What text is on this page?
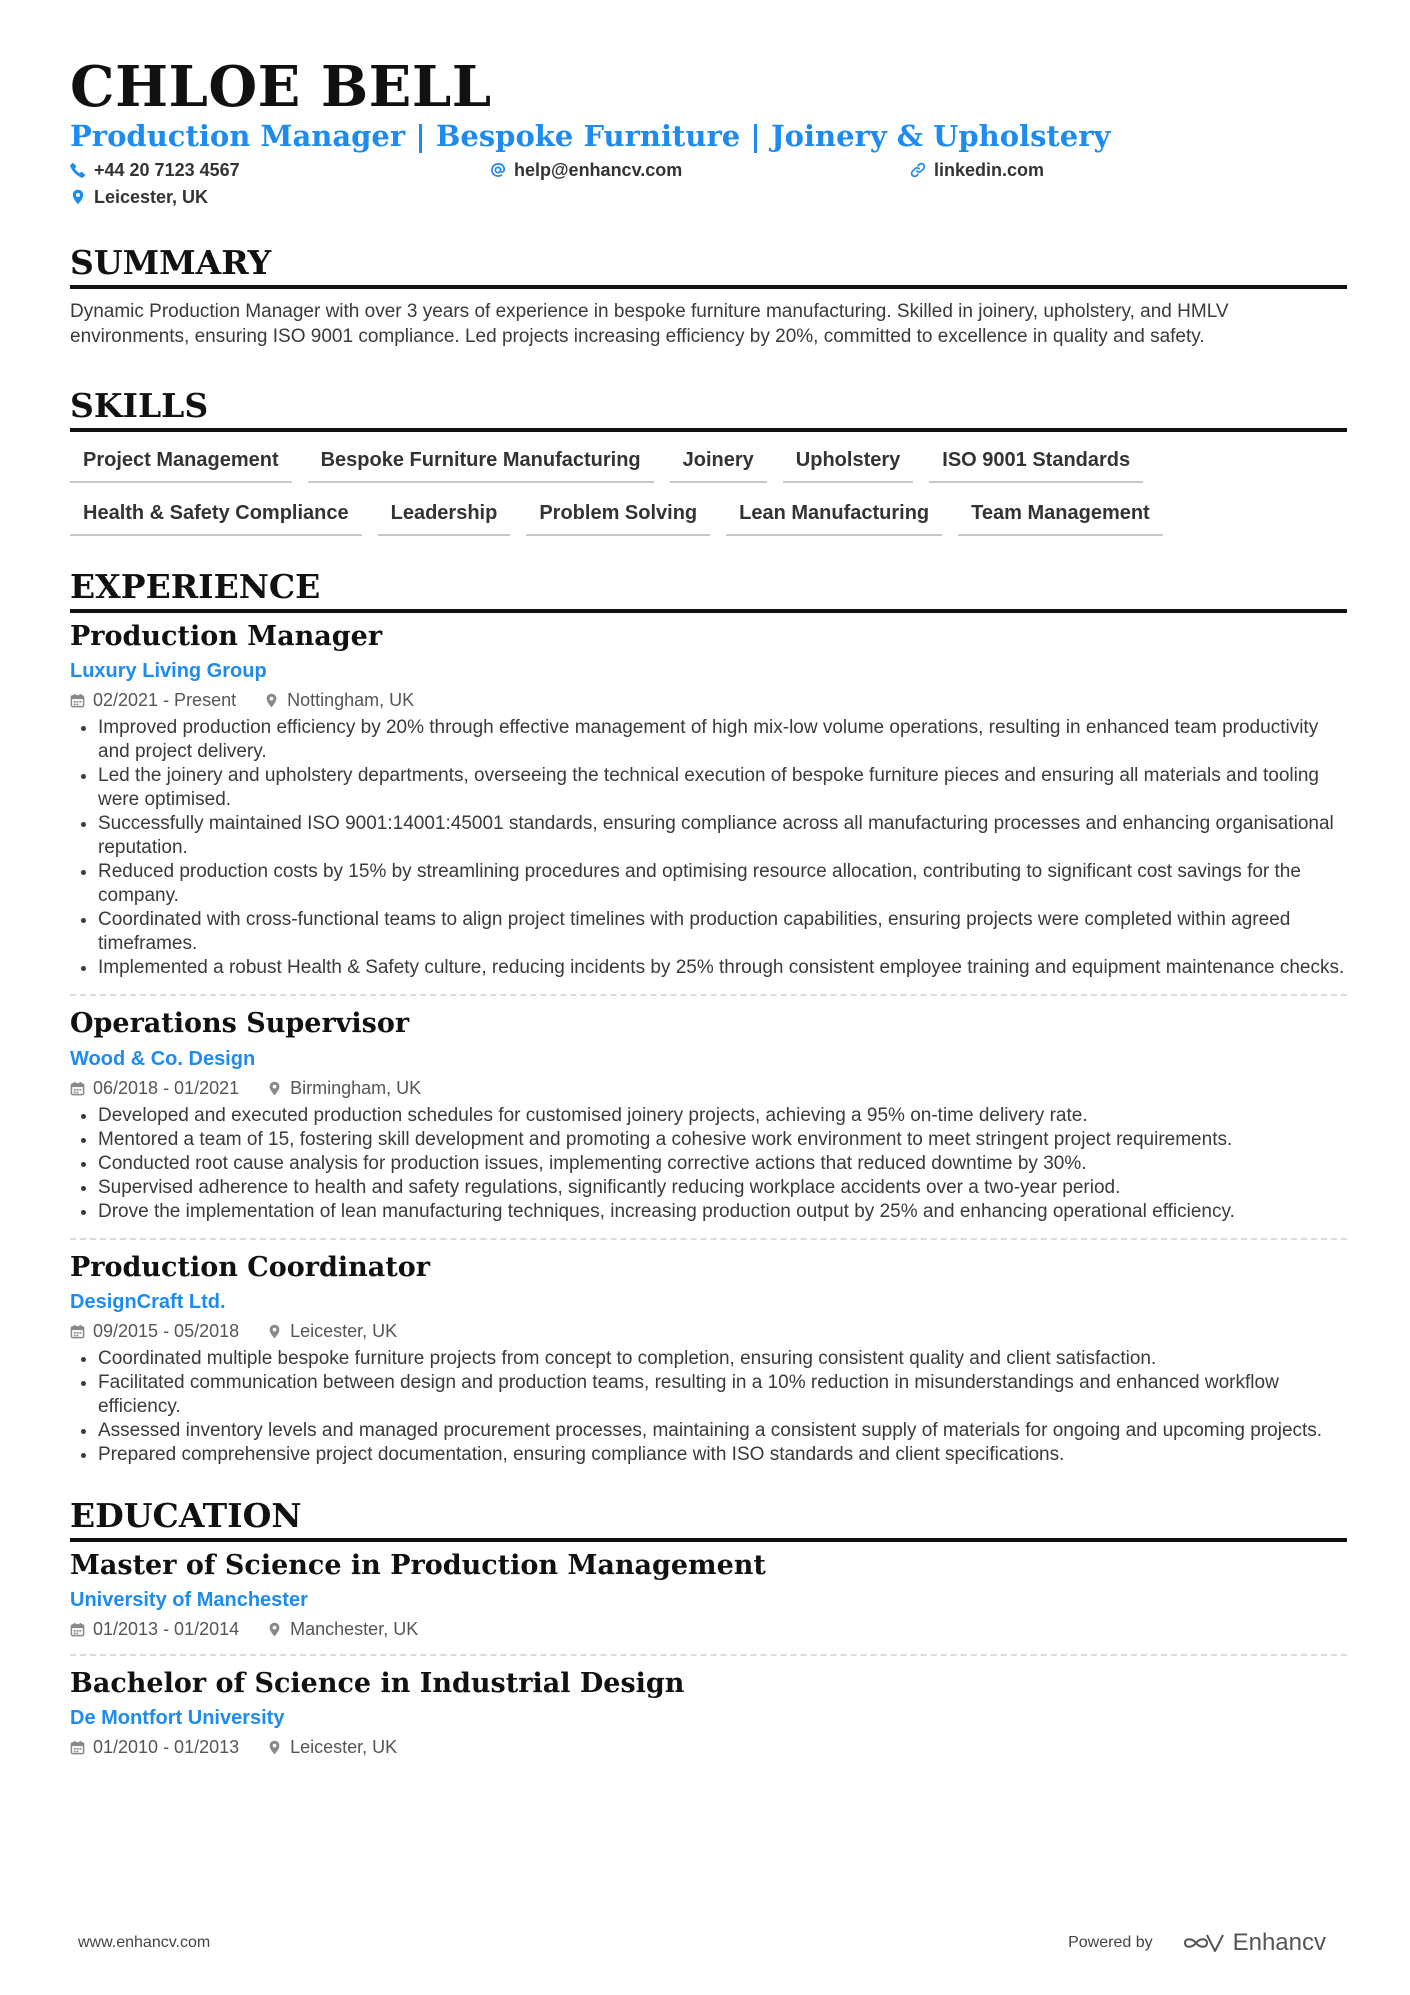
CHLOE BELL
Production Manager | Bespoke Furniture | Joinery & Upholstery
+44 20 7123 4567	help@enhancv.com	linkedin.com
Leicester, UK
SUMMARY
Dynamic Production Manager with over 3 years of experience in bespoke furniture manufacturing. Skilled in joinery, upholstery, and HMLV environments, ensuring ISO 9001 compliance. Led projects increasing efficiency by 20%, committed to excellence in quality and safety.
SKILLS
Project Management	Bespoke Furniture Manufacturing	Joinery	Upholstery	ISO 9001 Standards
Health & Safety Compliance	Leadership	Problem Solving	Lean Manufacturing	Team Management
EXPERIENCE
Production Manager
Luxury Living Group
02/2021 - Present	Nottingham, UK
• Improved production efficiency by 20% through effective management of high mix-low volume operations, resulting in enhanced team productivity and project delivery.
• Led the joinery and upholstery departments, overseeing the technical execution of bespoke furniture pieces and ensuring all materials and tooling were optimised.
• Successfully maintained ISO 9001:14001:45001 standards, ensuring compliance across all manufacturing processes and enhancing organisational reputation.
• Reduced production costs by 15% by streamlining procedures and optimising resource allocation, contributing to significant cost savings for the company.
• Coordinated with cross-functional teams to align project timelines with production capabilities, ensuring projects were completed within agreed timeframes.
• Implemented a robust Health & Safety culture, reducing incidents by 25% through consistent employee training and equipment maintenance checks.
Operations Supervisor
Wood & Co. Design
06/2018 - 01/2021	Birmingham, UK
• Developed and executed production schedules for customised joinery projects, achieving a 95% on-time delivery rate.
• Mentored a team of 15, fostering skill development and promoting a cohesive work environment to meet stringent project requirements.
• Conducted root cause analysis for production issues, implementing corrective actions that reduced downtime by 30%.
• Supervised adherence to health and safety regulations, significantly reducing workplace accidents over a two-year period.
• Drove the implementation of lean manufacturing techniques, increasing production output by 25% and enhancing operational efficiency.
Production Coordinator
DesignCraft Ltd.
09/2015 - 05/2018	Leicester, UK
• Coordinated multiple bespoke furniture projects from concept to completion, ensuring consistent quality and client satisfaction.
• Facilitated communication between design and production teams, resulting in a 10% reduction in misunderstandings and enhanced workflow efficiency.
• Assessed inventory levels and managed procurement processes, maintaining a consistent supply of materials for ongoing and upcoming projects.
• Prepared comprehensive project documentation, ensuring compliance with ISO standards and client specifications.
EDUCATION
Master of Science in Production Management
University of Manchester
01/2013 - 01/2014	Manchester, UK
Bachelor of Science in Industrial Design
De Montfort University
01/2010 - 01/2013	Leicester, UK
www.enhancv.com	Powered by	Enhancv
